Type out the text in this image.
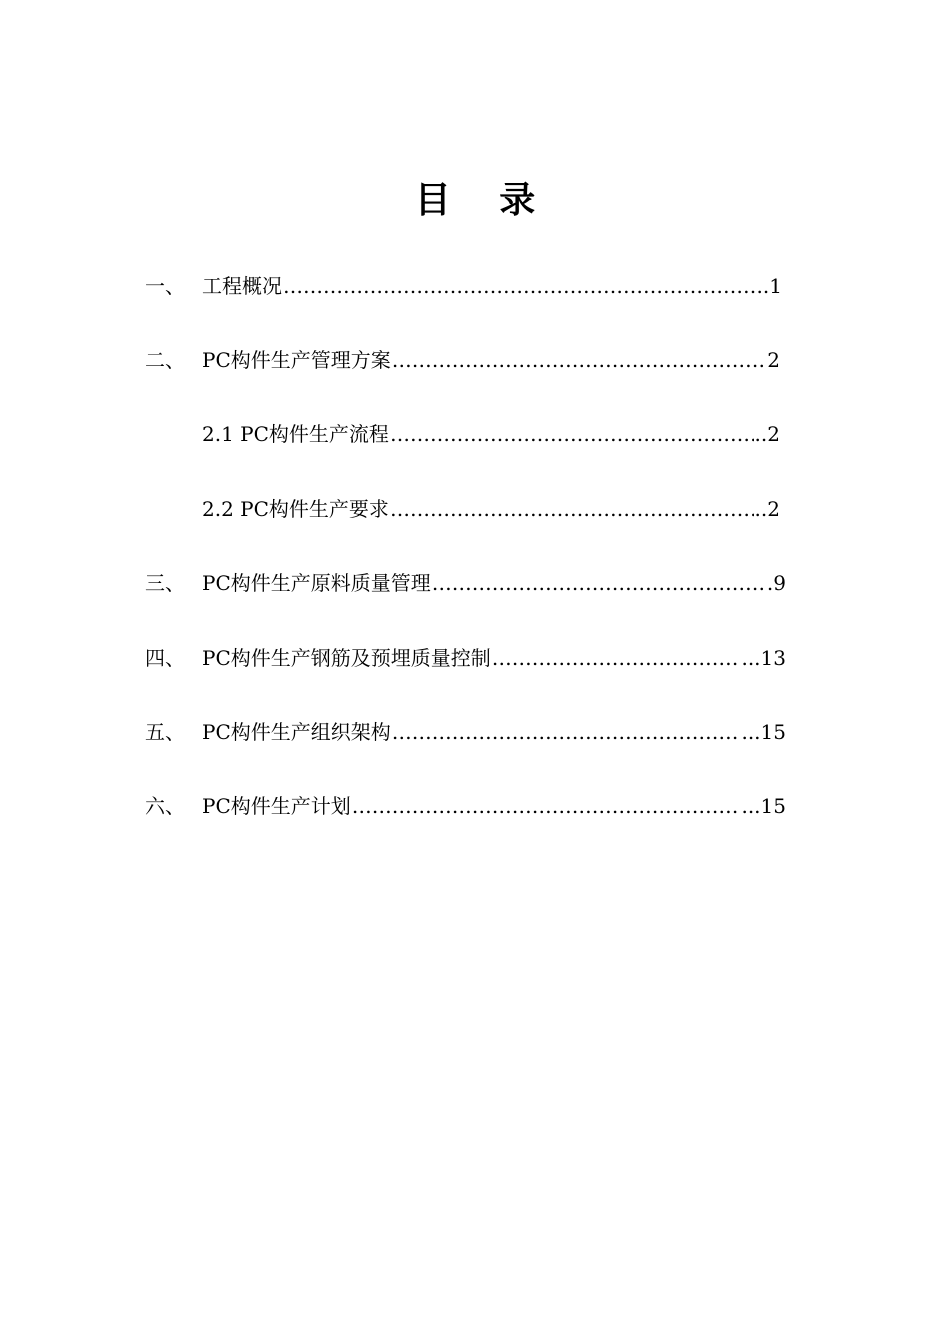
目 录
一、 工程概况 …………………………………………………………………………………………………………………………………	..1
二、 PC构件生产管理方案 …………………………………………………………………………………………………………………………………	2
2.1 PC构件生产流程 …………………………………………………………………………………………………………………………………	..2
2.2 PC构件生产要求 …………………………………………………………………………………………………………………………………	..2
三、 PC构件生产原料质量管理 …………………………………………………………………………………………………………………………………	.9
四、 PC构件生产钢筋及预埋质量控制 …………………………………………………………………………………………………………………………………	...13
五、 PC构件生产组织架构 …………………………………………………………………………………………………………………………………	...15
六、 PC构件生产计划 …………………………………………………………………………………………………………………………………	...15
